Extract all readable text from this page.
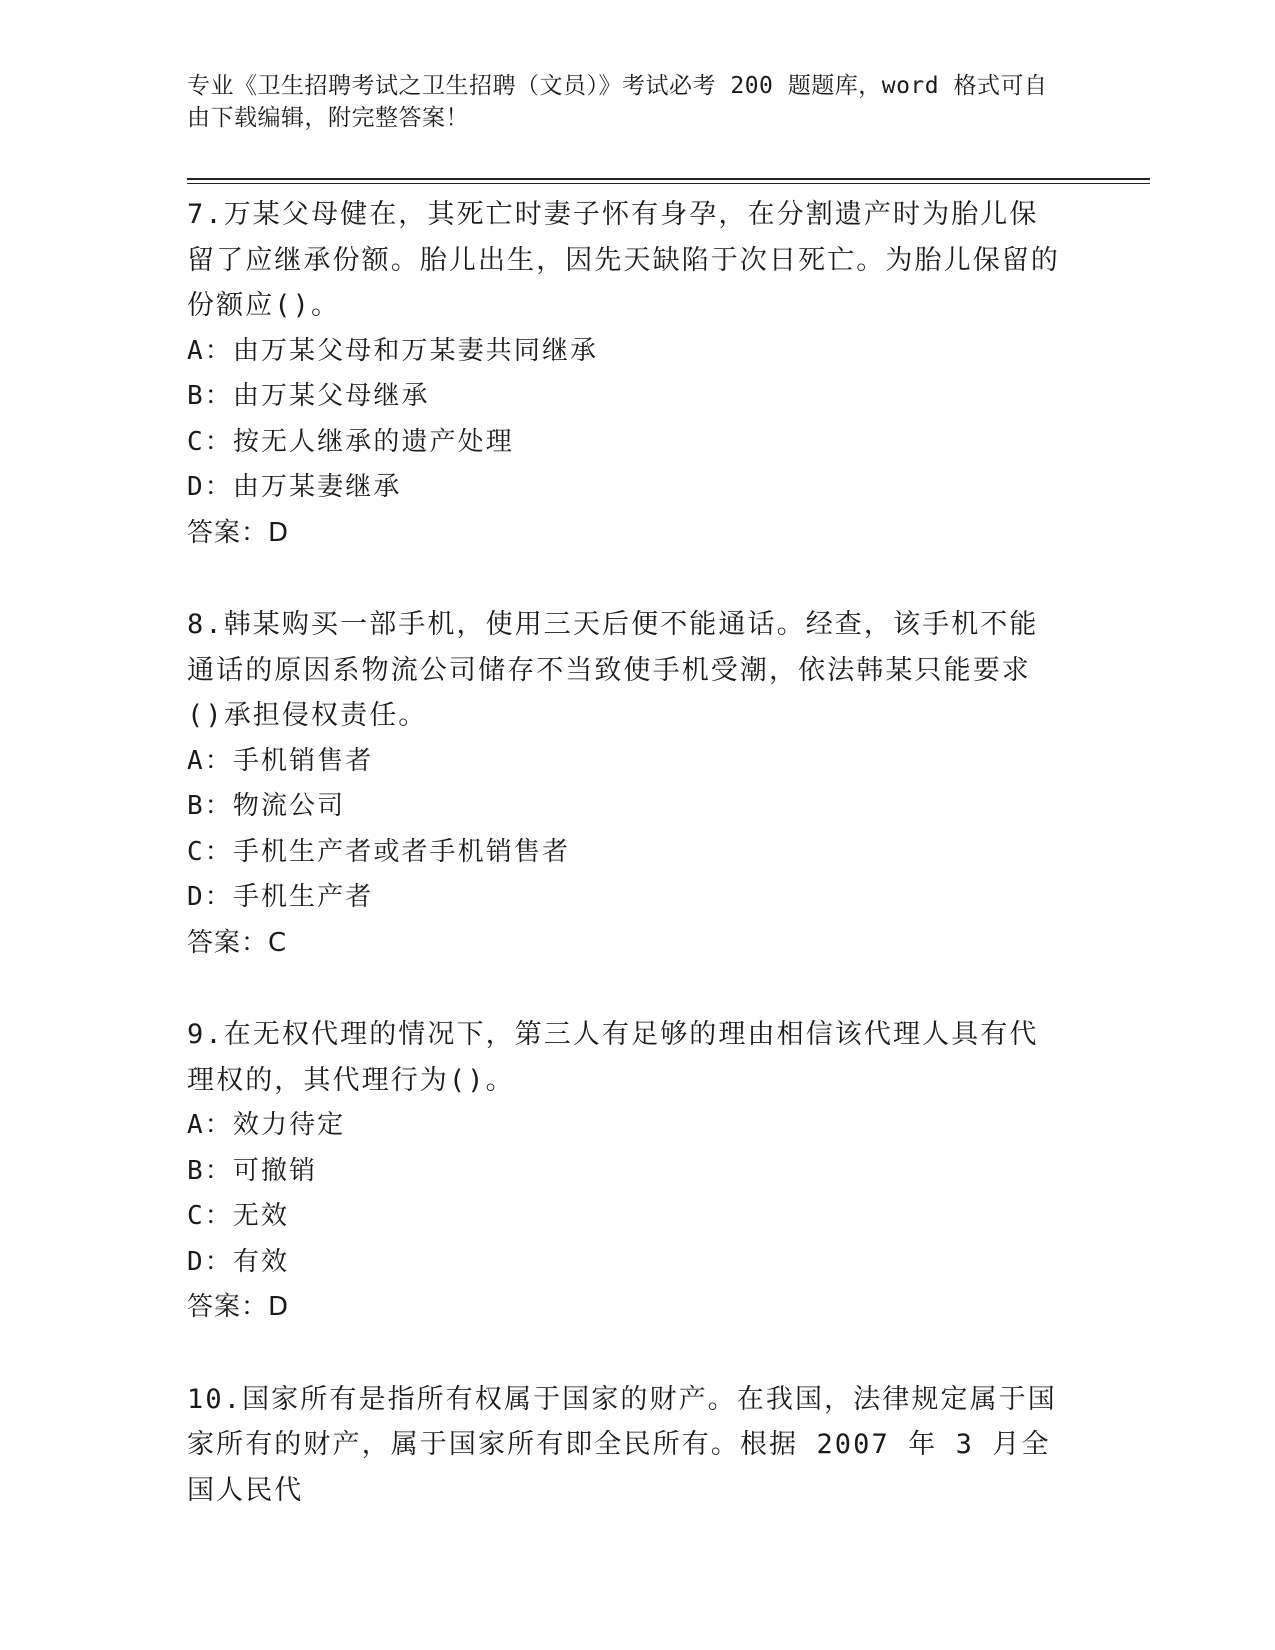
专业《卫生招聘考试之卫生招聘（文员）》考试必考 200 题题库，word 格式可自由下载编辑，附完整答案！

7.万某父母健在，其死亡时妻子怀有身孕，在分割遗产时为胎儿保留了应继承份额。胎儿出生，因先天缺陷于次日死亡。为胎儿保留的份额应()。

A：由万某父母和万某妻共同继承

B：由万某父母继承

C：按无人继承的遗产处理

D：由万某妻继承

答案：D

8.韩某购买一部手机，使用三天后便不能通话。经查，该手机不能通话的原因系物流公司储存不当致使手机受潮，依法韩某只能要求()承担侵权责任。

A：手机销售者

B：物流公司

C：手机生产者或者手机销售者

D：手机生产者

答案：C

9.在无权代理的情况下，第三人有足够的理由相信该代理人具有代理权的，其代理行为()。

A：效力待定

B：可撤销

C：无效

D：有效

答案：D

10.国家所有是指所有权属于国家的财产。在我国，法律规定属于国家所有的财产，属于国家所有即全民所有。根据 2007 年 3 月全国人民代
